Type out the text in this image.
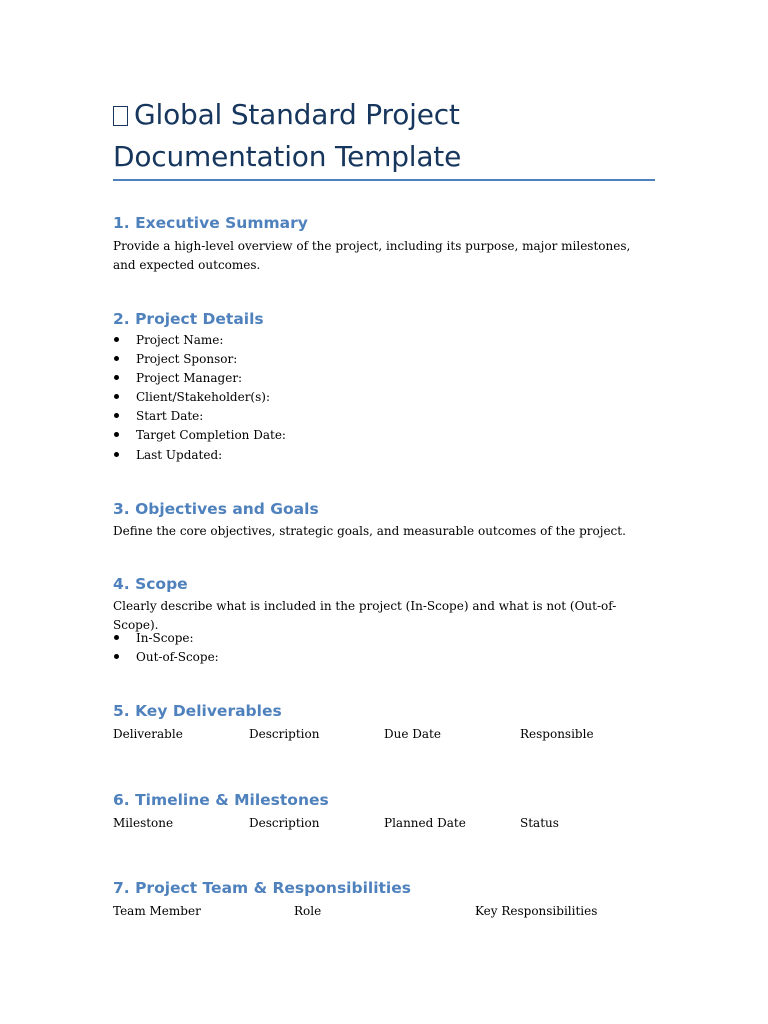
Global Standard Project Documentation Template
1. Executive Summary

Provide a high-level overview of the project, including its purpose, major milestones, and expected outcomes.

2. Project Details
Project Name:
Project Sponsor:
Project Manager:
Client/Stakeholder(s):
Start Date:
Target Completion Date:
Last Updated:
3. Objectives and Goals

Define the core objectives, strategic goals, and measurable outcomes of the project.

4. Scope

Clearly describe what is included in the project (In-Scope) and what is not (Out-of-Scope).

In-Scope:
Out-of-Scope:
5. Key Deliverables
Deliverable	Description	Due Date	Responsible
6. Timeline & Milestones
Milestone	Description	Planned Date	Status
7. Project Team & Responsibilities
Team Member	Role	Key Responsibilities
